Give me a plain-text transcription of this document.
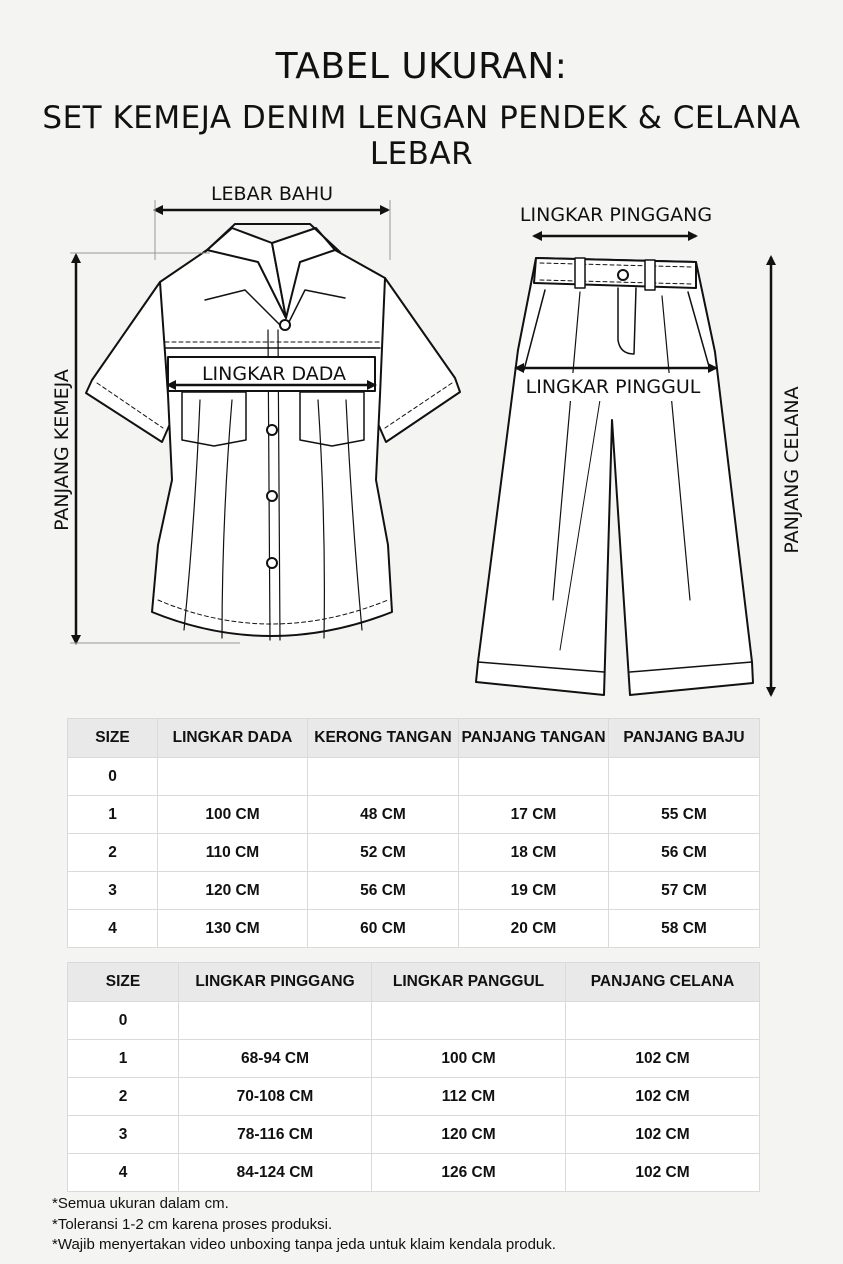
TABEL UKURAN:
SET KEMEJA DENIM LENGAN PENDEK & CELANA LEBAR
LEBAR BAHU
LINGKAR DADA
PANJANG KEMEJA
LINGKAR PINGGANG
LINGKAR PINGGUL	PANJANG CELANA
SIZE	LINGKAR DADA	KERONG TANGAN	PANJANG TANGAN	PANJANG BAJU
0				
1	100 CM	48 CM	17 CM	55 CM
2	110 CM	52 CM	18 CM	56 CM
3	120 CM	56 CM	19 CM	57 CM
4	130 CM	60 CM	20 CM	58 CM
SIZE	LINGKAR PINGGANG	LINGKAR PANGGUL	PANJANG CELANA
0			
1	68-94 CM	100 CM	102 CM
2	70-108 CM	112 CM	102 CM
3	78-116 CM	120 CM	102 CM
4	84-124 CM	126 CM	102 CM
*Semua ukuran dalam cm.
*Toleransi 1-2 cm karena proses produksi.
*Wajib menyertakan video unboxing tanpa jeda untuk klaim kendala produk.
